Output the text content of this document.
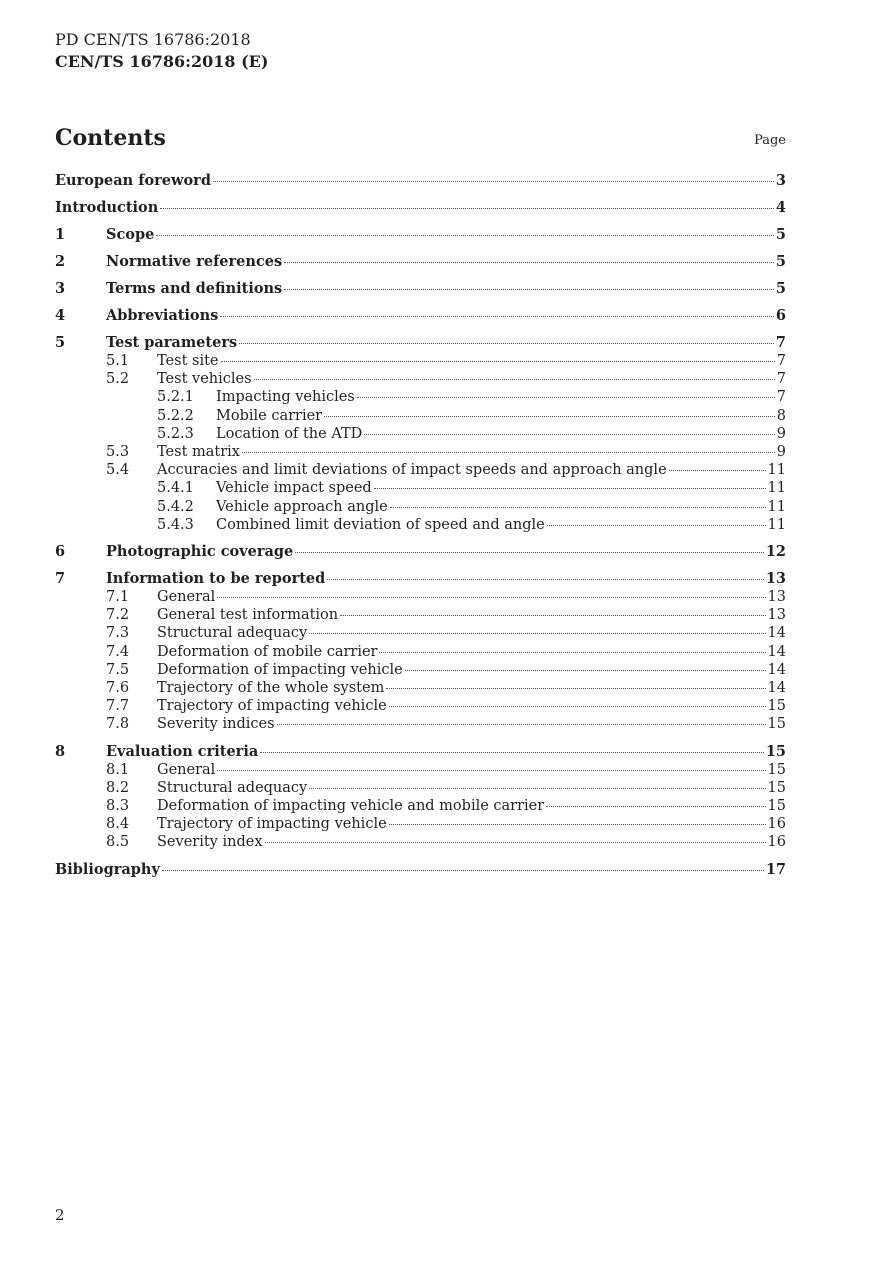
PD CEN/TS 16786:2018
CEN/TS 16786:2018 (E)
Contents	Page
European foreword	3
Introduction	4
1	Scope	5
2	Normative references	5
3	Terms and definitions	5
4	Abbreviations	6
5	Test parameters	7
5.1	Test site	7
5.2	Test vehicles	7
5.2.1	Impacting vehicles	7
5.2.2	Mobile carrier	8
5.2.3	Location of the ATD	9
5.3	Test matrix	9
5.4	Accuracies and limit deviations of impact speeds and approach angle	11
5.4.1	Vehicle impact speed	11
5.4.2	Vehicle approach angle	11
5.4.3	Combined limit deviation of speed and angle	11
6	Photographic coverage	12
7	Information to be reported	13
7.1	General	13
7.2	General test information	13
7.3	Structural adequacy	14
7.4	Deformation of mobile carrier	14
7.5	Deformation of impacting vehicle	14
7.6	Trajectory of the whole system	14
7.7	Trajectory of impacting vehicle	15
7.8	Severity indices	15
8	Evaluation criteria	15
8.1	General	15
8.2	Structural adequacy	15
8.3	Deformation of impacting vehicle and mobile carrier	15
8.4	Trajectory of impacting vehicle	16
8.5	Severity index	16
Bibliography	17
2
